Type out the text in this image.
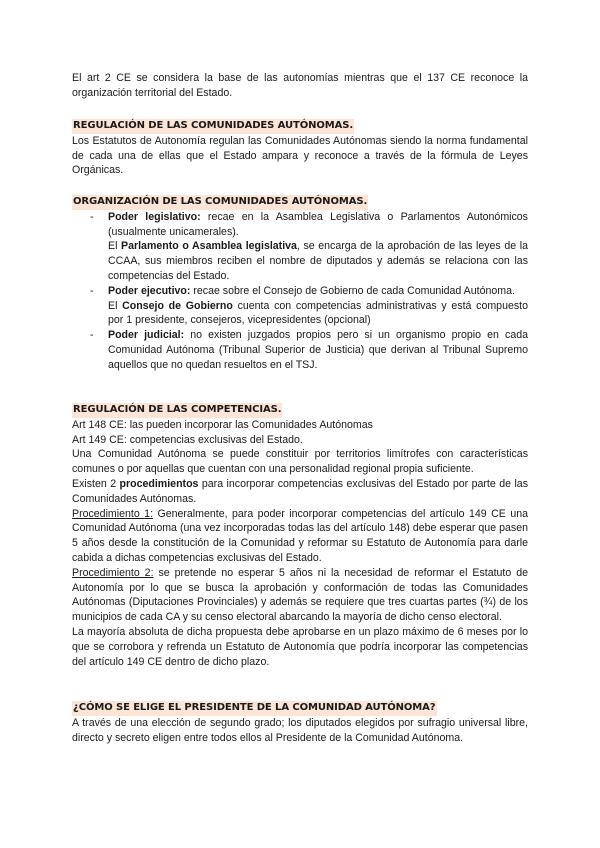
El art 2 CE se considera la base de las autonomías mientras que el 137 CE reconoce la organización territorial del Estado.

REGULACIÓN DE LAS COMUNIDADES AUTÓNOMAS.

Los Estatutos de Autonomía regulan las Comunidades Autónomas siendo la norma fundamental de cada una de ellas que el Estado ampara y reconoce a través de la fórmula de Leyes Orgánicas.

ORGANIZACIÓN DE LAS COMUNIDADES AUTÓNOMAS.
- Poder legislativo: recae en la Asamblea Legislativa o Parlamentos Autonómicos (usualmente unicamerales).

El Parlamento o Asamblea legislativa, se encarga de la aprobación de las leyes de la CCAA, sus miembros reciben el nombre de diputados y además se relaciona con las competencias del Estado.

- Poder ejecutivo: recae sobre el Consejo de Gobierno de cada Comunidad Autónoma.

El Consejo de Gobierno cuenta con competencias administrativas y está compuesto por 1 presidente, consejeros, vicepresidentes (opcional)

- Poder judicial: no existen juzgados propios pero si un organismo propio en cada Comunidad Autónoma (Tribunal Superior de Justicia) que derivan al Tribunal Supremo aquellos que no quedan resueltos en el TSJ.

REGULACIÓN DE LAS COMPETENCIAS.

Art 148 CE: las pueden incorporar las Comunidades Autónomas

Art 149 CE: competencias exclusivas del Estado.

Una Comunidad Autónoma se puede constituir por territorios limítrofes con características comunes o por aquellas que cuentan con una personalidad regional propia suficiente.

Existen 2 procedimientos para incorporar competencias exclusivas del Estado por parte de las Comunidades Autónomas.

Procedimiento 1: Generalmente, para poder incorporar competencias del artículo 149 CE una Comunidad Autónoma (una vez incorporadas todas las del artículo 148) debe esperar que pasen 5 años desde la constitución de la Comunidad y reformar su Estatuto de Autonomía para darle cabida a dichas competencias exclusivas del Estado.

Procedimiento 2: se pretende no esperar 5 años ni la necesidad de reformar el Estatuto de Autonomía por lo que se busca la aprobación y conformación de todas las Comunidades Autónomas (Diputaciones Provinciales) y además se requiere que tres cuartas partes (¾) de los municipios de cada CA y su censo electoral abarcando la mayoría de dicho censo electoral.

La mayoría absoluta de dicha propuesta debe aprobarse en un plazo máximo de 6 meses por lo que se corrobora y refrenda un Estatuto de Autonomía que podría incorporar las competencias del artículo 149 CE dentro de dicho plazo.

¿CÓMO SE ELIGE EL PRESIDENTE DE LA COMUNIDAD AUTÓNOMA?

A través de una elección de segundo grado; los diputados elegidos por sufragio universal libre, directo y secreto eligen entre todos ellos al Presidente de la Comunidad Autónoma.
